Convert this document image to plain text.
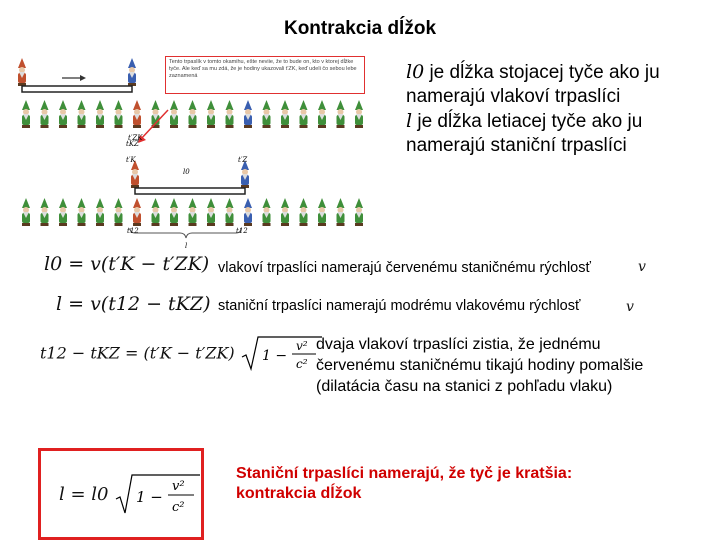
Kontrakcia dĺžok
t′ZK
tKZ
t′K	t′Z
l0
t12	t12
l
Tento trpaslík v tomto okamihu, ešte neviie, že to bude on, kto v ktorej dĺžke tyče. Ale keď sa mu zdá, že je hodiny ukazovali t'ZK, keď udeli čo sebou lebe zaznamená	l0 je dĺžka stojacej tyče ako ju namerajú vlakoví trpaslíci
l je dĺžka letiacej tyče ako ju namerajú staniční trpaslíci
l0 = v(t′K − t′ZK) vlakoví trpaslíci namerajú červenému staničnému rýchlosť	v
l = v(t12 − tKZ) staniční trpaslíci namerajú modrému vlakovému rýchlosť	v
t12 − tKZ = (t′K − t′ZK) 1 −
v²
c²
dvaja vlakoví trpaslíci zistia, že jednému červenému staničnému tikajú hodiny pomalšie (dilatácia času na stanici z pohľadu vlaku)
l = l0 1 −
v²
c²
Staniční trpaslíci namerajú, že tyč je kratšia: kontrakcia dĺžok
